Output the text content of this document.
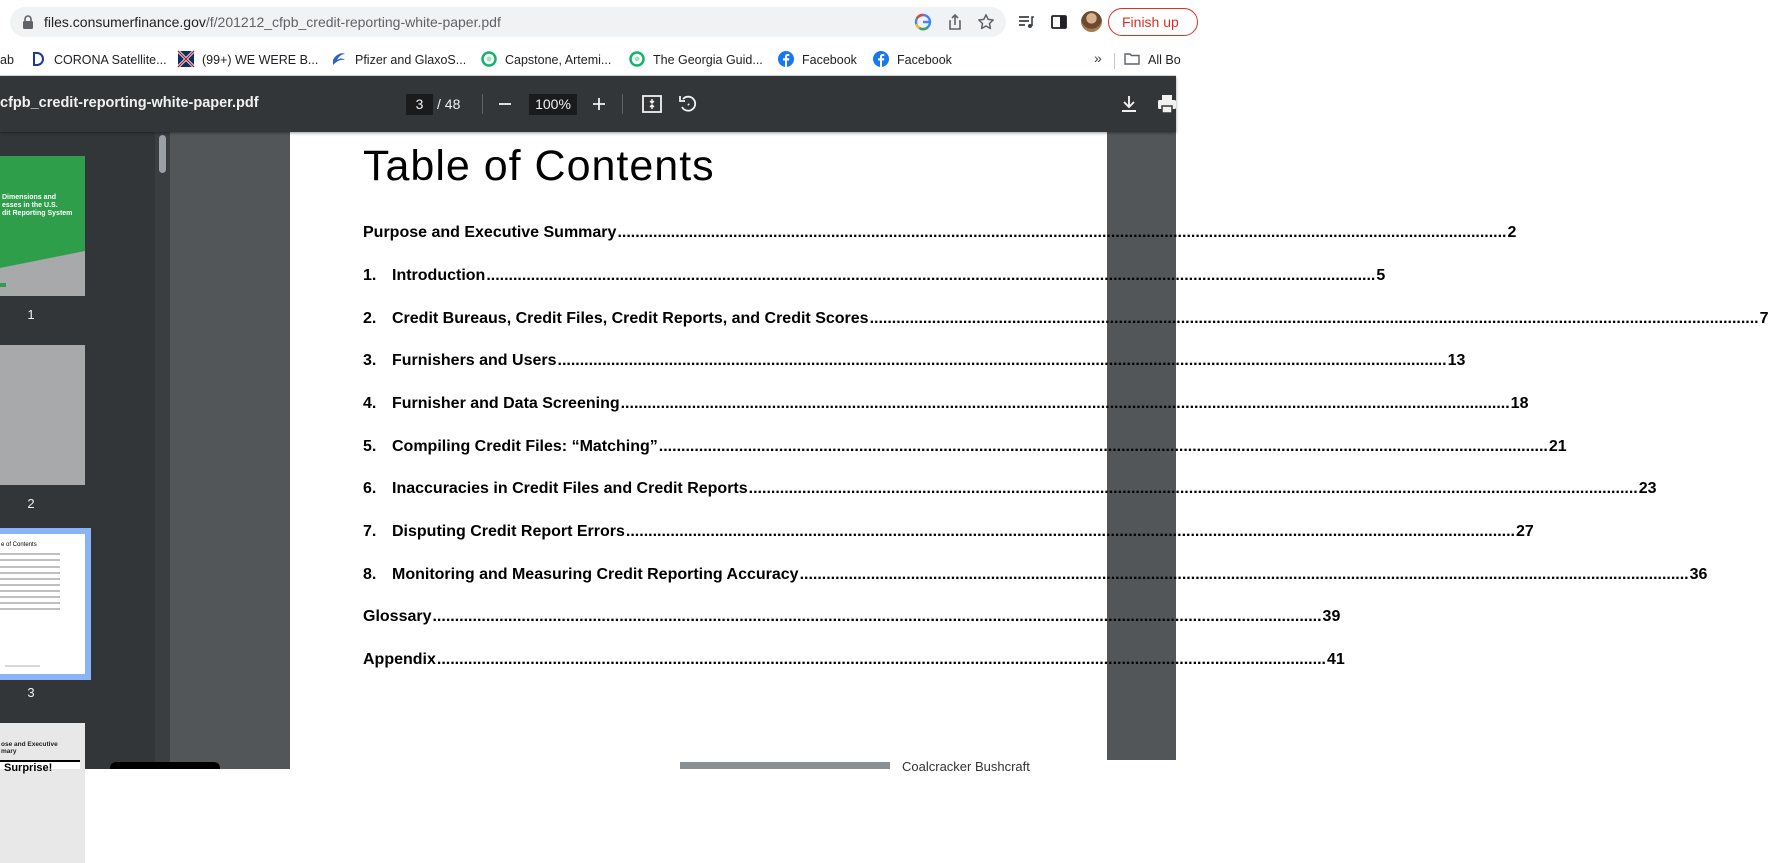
files.consumerfinance.gov/f/201212_cfpb_credit-reporting-white-paper.pdf	Finish up
ab	CORONA Satellite...	(99+) WE WERE B...	Pfizer and GlaxoS...	Capstone, Artemi...	The Georgia Guid...	Facebook	Facebook	»	All Bo
cfpb_credit-reporting-white-paper.pdf	3 / 48	100%
Dimensions and
esses in the U.S.
dit Reporting System
1
2
e of Contents
3
ose and Executive
mary
Table of Contents
Purpose and Executive Summary .....	2
1. Introduction .....	5
2. Credit Bureaus, Credit Files, Credit Reports, and Credit Scores .....	7
3. Furnishers and Users .....	13
4. Furnisher and Data Screening .....	18
5. Compiling Credit Files: “Matching” .....	21
6. Inaccuracies in Credit Files and Credit Reports .....	23
7. Disputing Credit Report Errors .....	27
8. Monitoring and Measuring Credit Reporting Accuracy .....	36
Glossary .....	39
Appendix .....	41
Surprise!	Coalcracker Bushcraft
